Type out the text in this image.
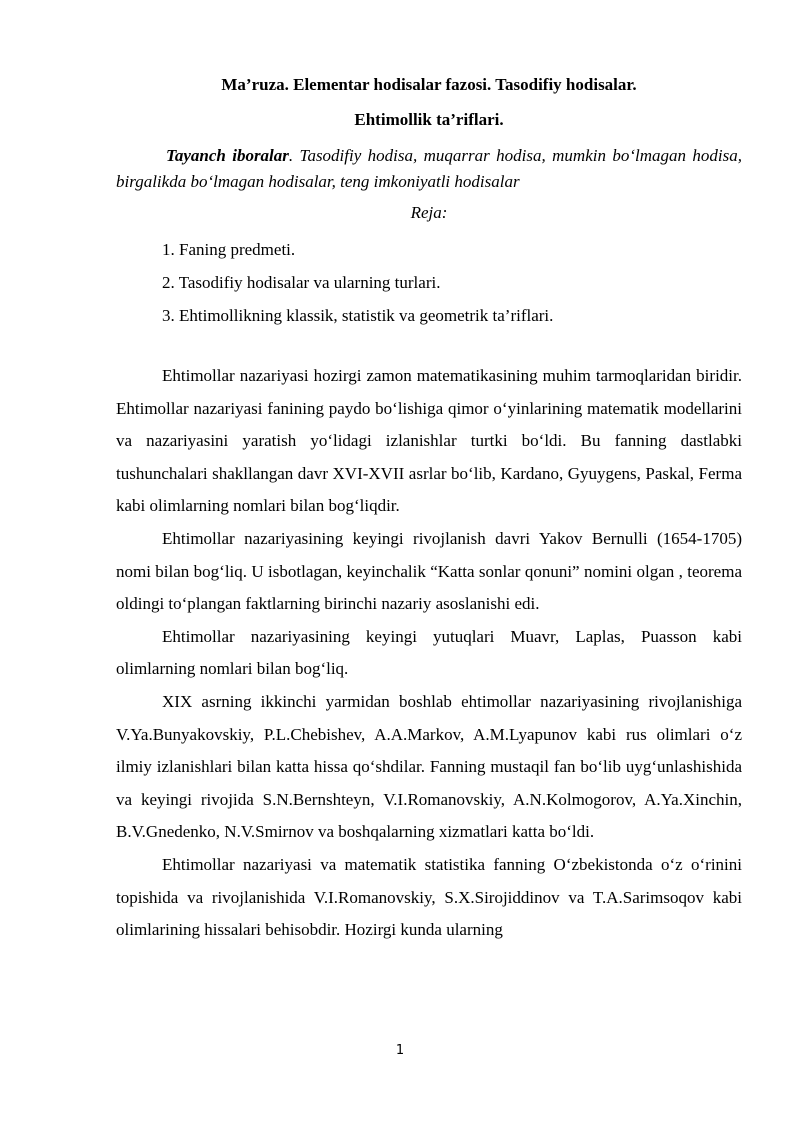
Ma’ruza. Elementar hodisalar fazosi. Tasodifiy hodisalar.

Ehtimollik ta’riflari.

Tayanch iboralar. Tasodifiy hodisa, muqarrar hodisa, mumkin bo‘lmagan hodisa, birgalikda bo‘lmagan hodisalar, teng imkoniyatli hodisalar

Reja:

1. Faning predmeti.
2. Tasodifiy hodisalar va ularning turlari.
3. Ehtimollikning klassik, statistik va geometrik ta’riflari.

Ehtimollar nazariyasi hozirgi zamon matematikasining muhim tarmoqlaridan biridir. Ehtimollar nazariyasi fanining paydo bo‘lishiga qimor o‘yinlarining matematik modellarini va nazariyasini yaratish yo‘lidagi izlanishlar turtki bo‘ldi. Bu fanning dastlabki tushunchalari shakllangan davr XVI-XVII asrlar bo‘lib, Kardano, Gyuygens, Paskal, Ferma kabi olimlarning nomlari bilan bog‘liqdir.

Ehtimollar nazariyasining keyingi rivojlanish davri Yakov Bernulli (1654-1705) nomi bilan bog‘liq. U isbotlagan, keyinchalik “Katta sonlar qonuni” nomini olgan , teorema oldingi to‘plangan faktlarning birinchi nazariy asoslanishi edi.

Ehtimollar nazariyasining keyingi yutuqlari Muavr, Laplas, Puasson kabi olimlarning nomlari bilan bog‘liq.

XIX asrning ikkinchi yarmidan boshlab ehtimollar nazariyasining rivojlanishiga V.Ya.Bunyakovskiy, P.L.Chebishev, A.A.Markov, A.M.Lyapunov kabi rus olimlari o‘z ilmiy izlanishlari bilan katta hissa qo‘shdilar. Fanning mustaqil fan bo‘lib uyg‘unlashishida va keyingi rivojida S.N.Bernshteyn, V.I.Romanovskiy, A.N.Kolmogorov, A.Ya.Xinchin, B.V.Gnedenko, N.V.Smirnov va boshqalarning xizmatlari katta bo‘ldi.

Ehtimollar nazariyasi va matematik statistika fanning O‘zbekistonda o‘z o‘rinini topishida va rivojlanishida V.I.Romanovskiy, S.X.Sirojiddinov va T.A.Sarimsoqov kabi olimlarining hissalari behisobdir. Hozirgi kunda ularning

1
